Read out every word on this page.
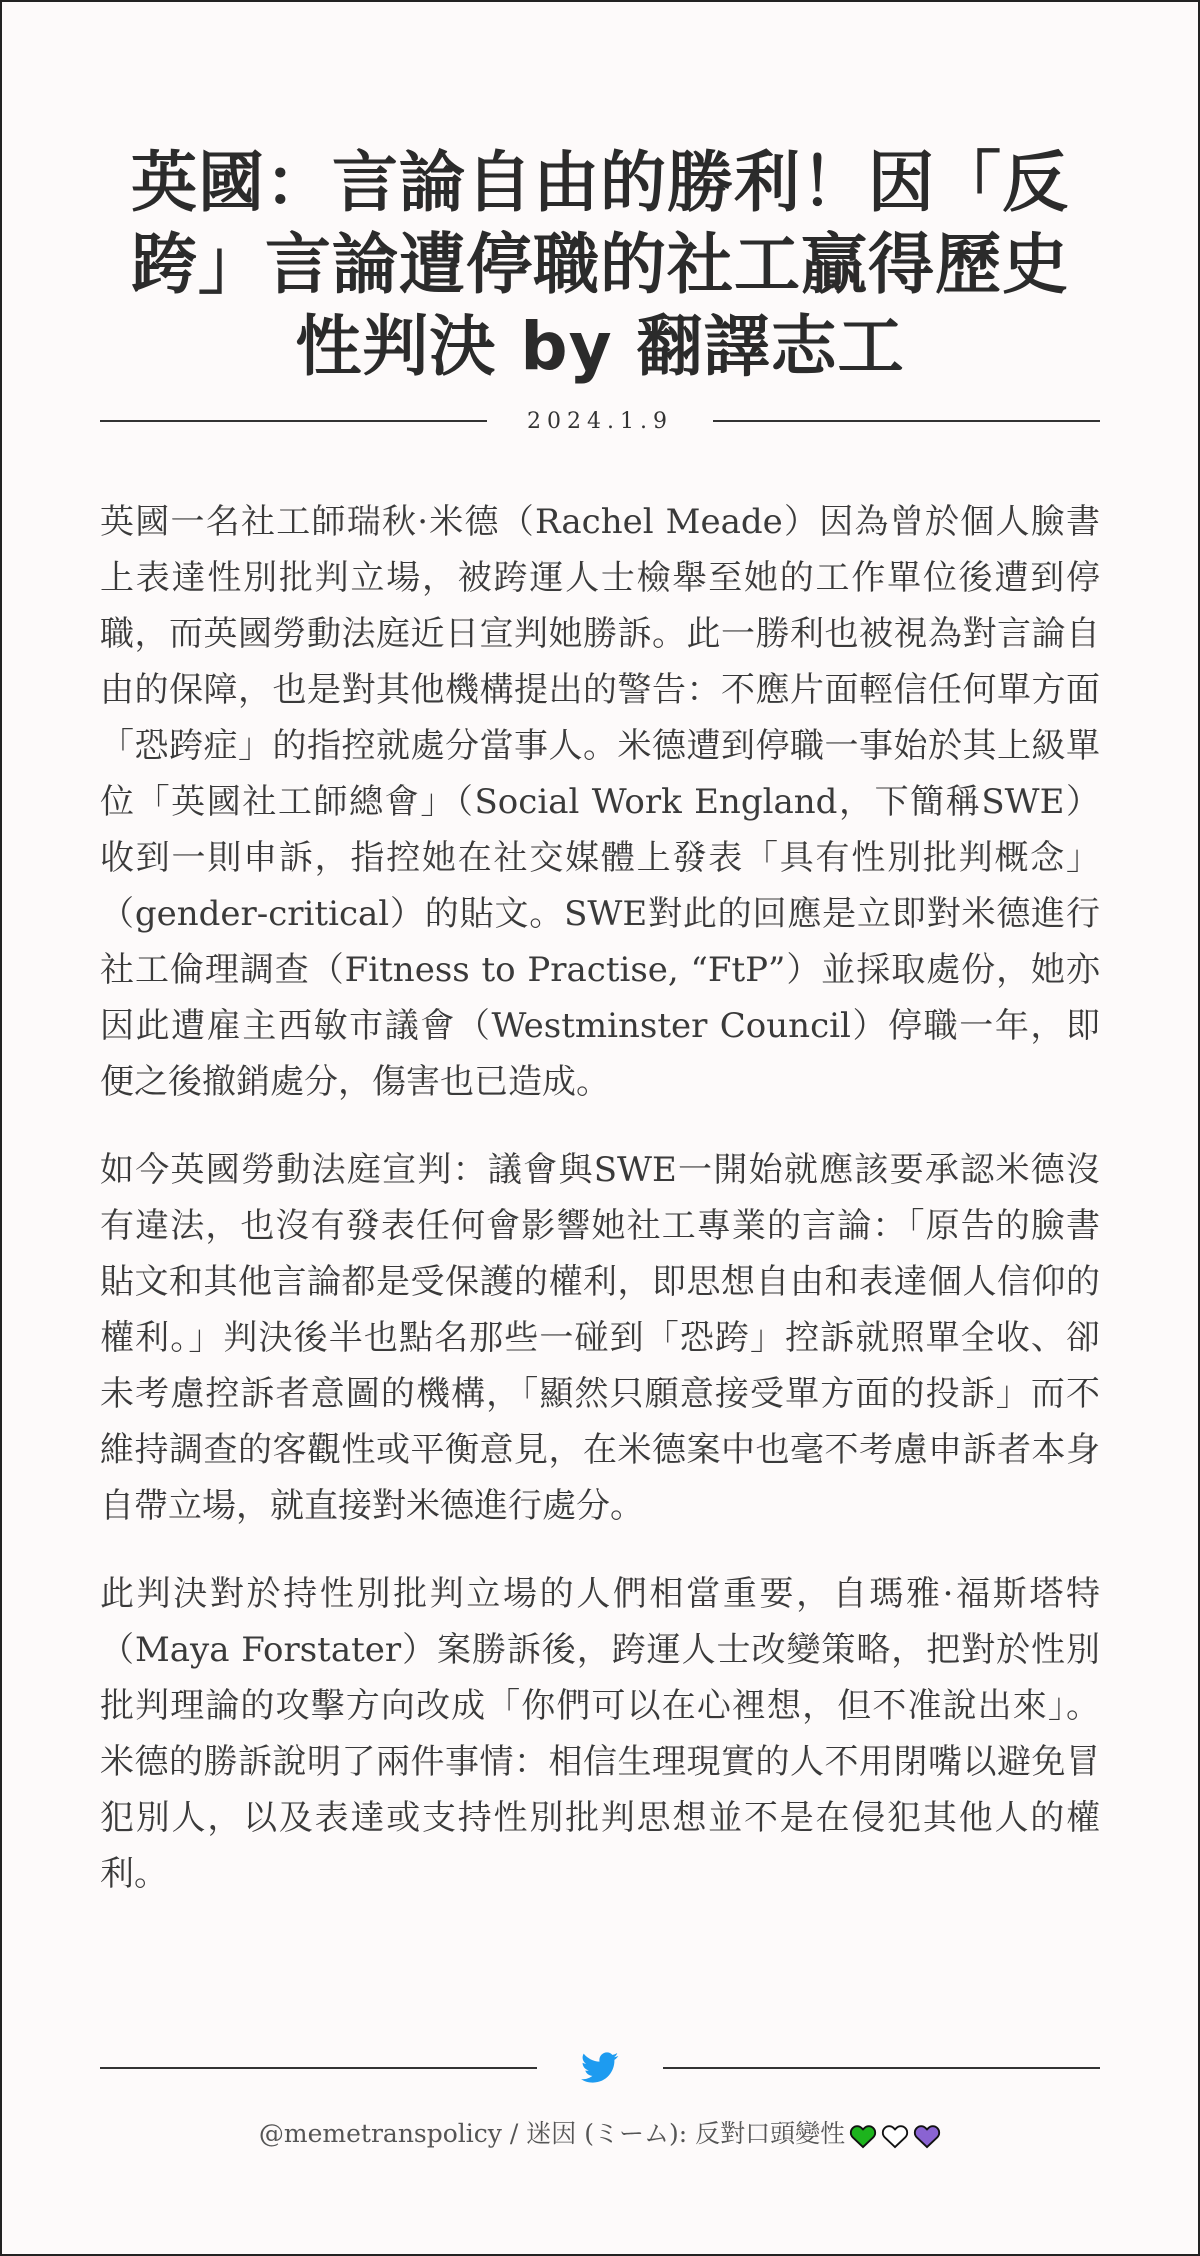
英國：言論自由的勝利！因「反跨」言論遭停職的社工贏得歷史性判決 by 翻譯志工
2024.1.9

英國一名社工師瑞秋·米德（Rachel Meade）因為曾於個人臉書上表達性別批判立場，被跨運人士檢舉至她的工作單位後遭到停職，而英國勞動法庭近日宣判她勝訴。此一勝利也被視為對言論自由的保障，也是對其他機構提出的警告：不應片面輕信任何單方面「恐跨症」的指控就處分當事人。米德遭到停職一事始於其上級單位「英國社工師總會」（Social Work England，下簡稱SWE）收到一則申訴，指控她在社交媒體上發表「具有性別批判概念」（gender-critical）的貼文。SWE對此的回應是立即對米德進行社工倫理調查（Fitness to Practise, “FtP”）並採取處份，她亦因此遭雇主西敏市議會（Westminster Council）停職一年，即便之後撤銷處分，傷害也已造成。

如今英國勞動法庭宣判：議會與SWE一開始就應該要承認米德沒有違法，也沒有發表任何會影響她社工專業的言論：「原告的臉書貼文和其他言論都是受保護的權利，即思想自由和表達個人信仰的權利。」判決後半也點名那些一碰到「恐跨」控訴就照單全收、卻未考慮控訴者意圖的機構，「顯然只願意接受單方面的投訴」而不維持調查的客觀性或平衡意見，在米德案中也毫不考慮申訴者本身自帶立場，就直接對米德進行處分。

此判決對於持性別批判立場的人們相當重要，自瑪雅·福斯塔特（Maya Forstater）案勝訴後，跨運人士改變策略，把對於性別批判理論的攻擊方向改成「你們可以在心裡想，但不准說出來」。米德的勝訴說明了兩件事情：相信生理現實的人不用閉嘴以避免冒犯別人，以及表達或支持性別批判思想並不是在侵犯其他人的權利。

@memetranspolicy / 迷因 (ミーム): 反對口頭變性
